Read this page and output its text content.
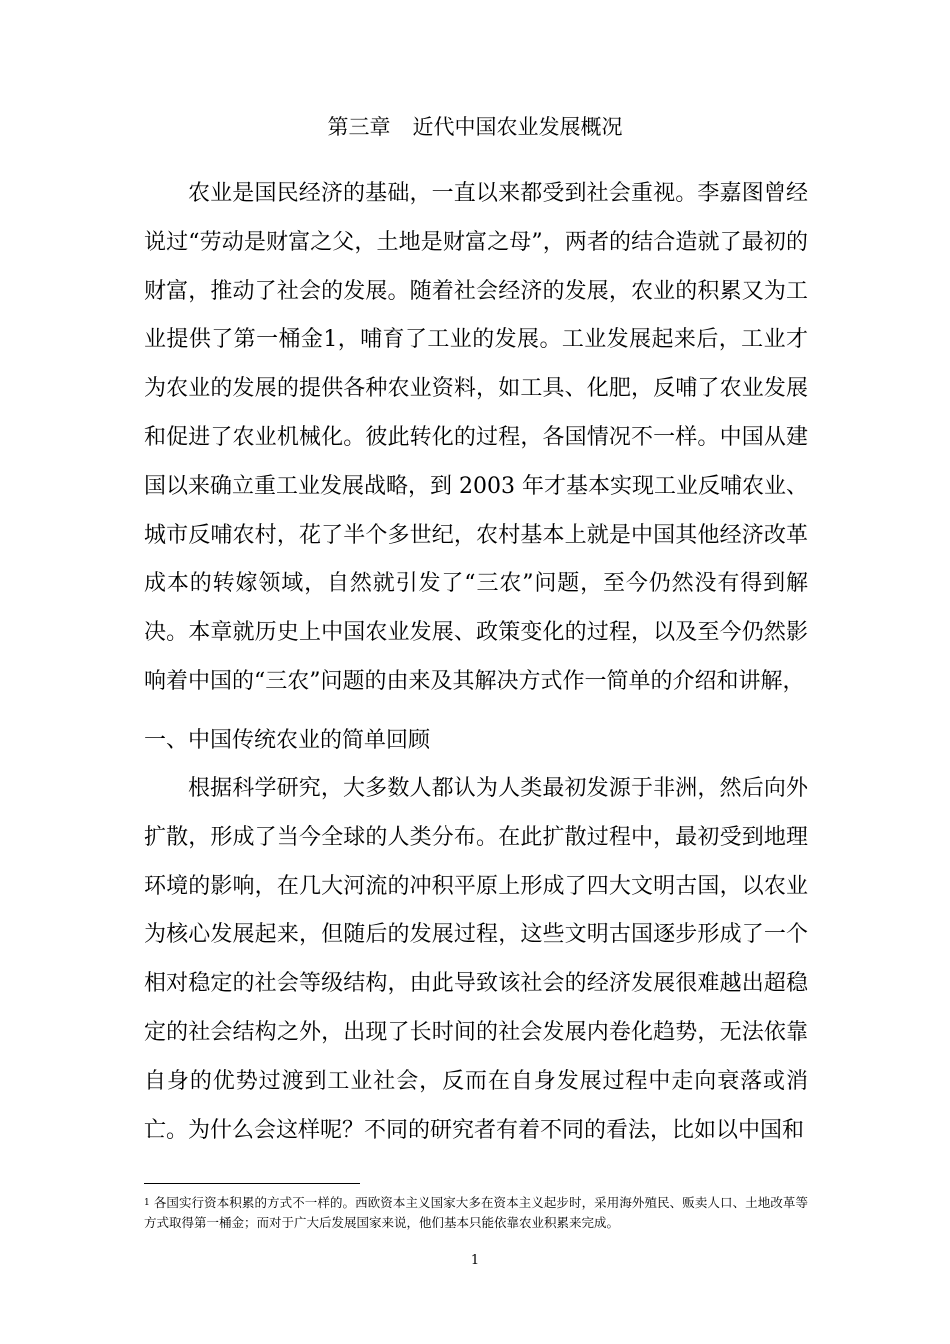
第三章 近代中国农业发展概况

农业是国民经济的基础，一直以来都受到社会重视。李嘉图曾经说过“劳动是财富之父，土地是财富之母”，两者的结合造就了最初的财富，推动了社会的发展。随着社会经济的发展，农业的积累又为工业提供了第一桶金1，哺育了工业的发展。工业发展起来后，工业才为农业的发展的提供各种农业资料，如工具、化肥，反哺了农业发展和促进了农业机械化。彼此转化的过程，各国情况不一样。中国从建国以来确立重工业发展战略，到 2003 年才基本实现工业反哺农业、城市反哺农村，花了半个多世纪，农村基本上就是中国其他经济改革成本的转嫁领域，自然就引发了“三农”问题，至今仍然没有得到解决。本章就历史上中国农业发展、政策变化的过程，以及至今仍然影响着中国的“三农”问题的由来及其解决方式作一简单的介绍和讲解，

一、中国传统农业的简单回顾

根据科学研究，大多数人都认为人类最初发源于非洲，然后向外扩散，形成了当今全球的人类分布。在此扩散过程中，最初受到地理环境的影响，在几大河流的冲积平原上形成了四大文明古国，以农业为核心发展起来，但随后的发展过程，这些文明古国逐步形成了一个相对稳定的社会等级结构，由此导致该社会的经济发展很难越出超稳定的社会结构之外，出现了长时间的社会发展内卷化趋势，无法依靠自身的优势过渡到工业社会，反而在自身发展过程中走向衰落或消亡。为什么会这样呢？不同的研究者有着不同的看法，比如以中国和

1 各国实行资本积累的方式不一样的。西欧资本主义国家大多在资本主义起步时，采用海外殖民、贩卖人口、土地改革等方式取得第一桶金；而对于广大后发展国家来说，他们基本只能依靠农业积累来完成。

1
